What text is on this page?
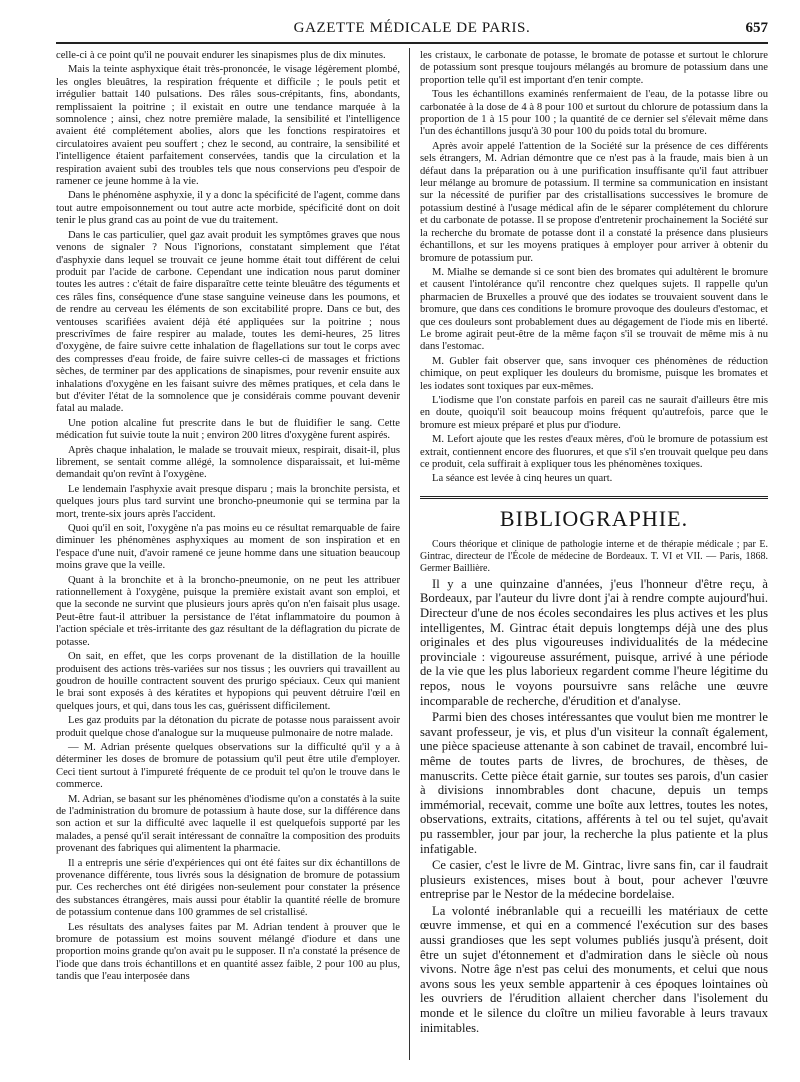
GAZETTE MÉDICALE DE PARIS.	657

celle-ci à ce point qu'il ne pouvait endurer les sinapismes plus de dix minutes.

Mais la teinte asphyxique était très-prononcée, le visage légèrement plombé, les ongles bleuâtres, la respiration fréquente et difficile ; le pouls petit et irrégulier battait 140 pulsations. Des râles sous-crépitants, fins, abondants, remplissaient la poitrine ; il existait en outre une tendance marquée à la somnolence ; ainsi, chez notre première malade, la sensibilité et l'intelligence avaient été complétement abolies, alors que les fonctions respiratoires et circulatoires avaient peu souffert ; chez le second, au contraire, la sensibilité et l'intelligence étaient parfaitement conservées, tandis que la circulation et la respiration avaient subi des troubles tels que nous conservions peu d'espoir de ramener ce jeune homme à la vie.

Dans le phénomène asphyxie, il y a donc la spécificité de l'agent, comme dans tout autre empoisonnement ou tout autre acte morbide, spécificité dont on doit tenir le plus grand cas au point de vue du traitement.

Dans le cas particulier, quel gaz avait produit les symptômes graves que nous venons de signaler ? Nous l'ignorions, constatant simplement que l'état d'asphyxie dans lequel se trouvait ce jeune homme était tout différent de celui produit par l'acide de carbone. Cependant une indication nous parut dominer toutes les autres : c'était de faire disparaître cette teinte bleuâtre des téguments et ces râles fins, conséquence d'une stase sanguine veineuse dans les poumons, et de rendre au cerveau les éléments de son excitabilité propre. Dans ce but, des ventouses scarifiées avaient déjà été appliquées sur la poitrine ; nous prescrivîmes de faire respirer au malade, toutes les demi-heures, 25 litres d'oxygène, de faire suivre cette inhalation de flagellations sur tout le corps avec des compresses d'eau froide, de faire suivre celles-ci de massages et frictions sèches, de terminer par des applications de sinapismes, pour revenir ensuite aux inhalations d'oxygène en les faisant suivre des mêmes pratiques, et cela dans le but d'éviter l'état de la somnolence que je considérais comme pouvant devenir fatal au malade.

Une potion alcaline fut prescrite dans le but de fluidifier le sang. Cette médication fut suivie toute la nuit ; environ 200 litres d'oxygène furent aspirés.

Après chaque inhalation, le malade se trouvait mieux, respirait, disait-il, plus librement, se sentait comme allégé, la somnolence disparaissait, et lui-même demandait qu'on revînt à l'oxygène.

Le lendemain l'asphyxie avait presque disparu ; mais la bronchite persista, et quelques jours plus tard survint une broncho-pneumonie qui se termina par la mort, trente-six jours après l'accident.

Quoi qu'il en soit, l'oxygène n'a pas moins eu ce résultat remarquable de faire diminuer les phénomènes asphyxiques au moment de son inspiration et en l'espace d'une nuit, d'avoir ramené ce jeune homme dans une situation beaucoup moins grave que la veille.

Quant à la bronchite et à la broncho-pneumonie, on ne peut les attribuer rationnellement à l'oxygène, puisque la première existait avant son emploi, et que la seconde ne survint que plusieurs jours après qu'on n'en faisait plus usage. Peut-être faut-il attribuer la persistance de l'état inflammatoire du poumon à l'action spéciale et très-irritante des gaz résultant de la déflagration du picrate de potasse.

On sait, en effet, que les corps provenant de la distillation de la houille produisent des actions très-variées sur nos tissus ; les ouvriers qui travaillent au goudron de houille contractent souvent des prurigo spéciaux. Ceux qui manient le brai sont exposés à des kératites et hypopions qui peuvent détruire l'œil en quelques jours, et qui, dans tous les cas, guérissent difficilement.

Les gaz produits par la détonation du picrate de potasse nous paraissent avoir produit quelque chose d'analogue sur la muqueuse pulmonaire de notre malade.

— M. Adrian présente quelques observations sur la difficulté qu'il y a à déterminer les doses de bromure de potassium qu'il peut être utile d'employer. Ceci tient surtout à l'impureté fréquente de ce produit tel qu'on le trouve dans le commerce.

M. Adrian, se basant sur les phénomènes d'iodisme qu'on a constatés à la suite de l'administration du bromure de potassium à haute dose, sur la différence dans son action et sur la difficulté avec laquelle il est quelquefois supporté par les malades, a pensé qu'il serait intéressant de connaître la composition des produits provenant des fabriques qui alimentent la pharmacie.

Il a entrepris une série d'expériences qui ont été faites sur dix échantillons de provenance différente, tous livrés sous la désignation de bromure de potassium pur. Ces recherches ont été dirigées non-seulement pour constater la présence des substances étrangères, mais aussi pour établir la quantité réelle de bromure de potassium contenue dans 100 grammes de sel cristallisé.

Les résultats des analyses faites par M. Adrian tendent à prouver que le bromure de potassium est moins souvent mélangé d'iodure et dans une proportion moins grande qu'on avait pu le supposer. Il n'a constaté la présence de l'iode que dans trois échantillons et en quantité assez faible, 2 pour 100 au plus, tandis que l'eau interposée dans

les cristaux, le carbonate de potasse, le bromate de potasse et surtout le chlorure de potassium sont presque toujours mélangés au bromure de potassium dans une proportion telle qu'il est important d'en tenir compte.

Tous les échantillons examinés renfermaient de l'eau, de la potasse libre ou carbonatée à la dose de 4 à 8 pour 100 et surtout du chlorure de potassium dans la proportion de 1 à 15 pour 100 ; la quantité de ce dernier sel s'élevait même dans l'un des échantillons jusqu'à 30 pour 100 du poids total du bromure.

Après avoir appelé l'attention de la Société sur la présence de ces différents sels étrangers, M. Adrian démontre que ce n'est pas à la fraude, mais bien à un défaut dans la préparation ou à une purification insuffisante qu'il faut attribuer leur mélange au bromure de potassium. Il termine sa communication en insistant sur la nécessité de purifier par des cristallisations successives le bromure de potassium destiné à l'usage médical afin de le séparer complétement du chlorure et du carbonate de potasse. Il se propose d'entretenir prochainement la Société sur la recherche du bromate de potasse dont il a constaté la présence dans plusieurs échantillons, et sur les moyens pratiques à employer pour arriver à obtenir du bromure de potassium pur.

M. Mialhe se demande si ce sont bien des bromates qui adultèrent le bromure et causent l'intolérance qu'il rencontre chez quelques sujets. Il rappelle qu'un pharmacien de Bruxelles a prouvé que des iodates se trouvaient souvent dans le bromure, que dans ces conditions le bromure provoque des douleurs d'estomac, et que ces douleurs sont probablement dues au dégagement de l'iode mis en liberté. Le brome agirait peut-être de la même façon s'il se trouvait de même mis à nu dans l'estomac.

M. Gubler fait observer que, sans invoquer ces phénomènes de réduction chimique, on peut expliquer les douleurs du bromisme, puisque les bromates et les iodates sont toxiques par eux-mêmes.

L'iodisme que l'on constate parfois en pareil cas ne saurait d'ailleurs être mis en doute, quoiqu'il soit beaucoup moins fréquent qu'autrefois, parce que le bromure est mieux préparé et plus pur d'iodure.

M. Lefort ajoute que les restes d'eaux mères, d'où le bromure de potassium est extrait, contiennent encore des fluorures, et que s'il s'en trouvait quelque peu dans ce produit, cela suffirait à expliquer tous les phénomènes toxiques.

La séance est levée à cinq heures un quart.

BIBLIOGRAPHIE.

Cours théorique et clinique de pathologie interne et de thérapie médicale ; par E. Gintrac, directeur de l'École de médecine de Bordeaux. T. VI et VII. — Paris, 1868. Germer Baillière.

Il y a une quinzaine d'années, j'eus l'honneur d'être reçu, à Bordeaux, par l'auteur du livre dont j'ai à rendre compte aujourd'hui. Directeur d'une de nos écoles secondaires les plus actives et les plus intelligentes, M. Gintrac était depuis longtemps déjà une des plus originales et des plus vigoureuses individualités de la médecine provinciale : vigoureuse assurément, puisque, arrivé à une période de la vie que les plus laborieux regardent comme l'heure légitime du repos, nous le voyons poursuivre sans relâche une œuvre incomparable de recherche, d'érudition et d'analyse.

Parmi bien des choses intéressantes que voulut bien me montrer le savant professeur, je vis, et plus d'un visiteur la connaît également, une pièce spacieuse attenante à son cabinet de travail, encombré lui-même de toutes parts de livres, de brochures, de thèses, de manuscrits. Cette pièce était garnie, sur toutes ses parois, d'un casier à divisions innombrables dont chacune, depuis un temps immémorial, recevait, comme une boîte aux lettres, toutes les notes, observations, extraits, citations, afférents à tel ou tel sujet, qu'avait pu rassembler, jour par jour, la recherche la plus patiente et la plus infatigable.

Ce casier, c'est le livre de M. Gintrac, livre sans fin, car il faudrait plusieurs existences, mises bout à bout, pour achever l'œuvre entreprise par le Nestor de la médecine bordelaise.

La volonté inébranlable qui a recueilli les matériaux de cette œuvre immense, et qui en a commencé l'exécution sur des bases aussi grandioses que les sept volumes publiés jusqu'à présent, doit être un sujet d'étonnement et d'admiration dans le siècle où nous vivons. Notre âge n'est pas celui des monuments, et celui que nous avons sous les yeux semble appartenir à ces époques lointaines où les ouvriers de l'érudition allaient chercher dans l'isolement du monde et le silence du cloître un milieu favorable à leurs travaux inimitables.
